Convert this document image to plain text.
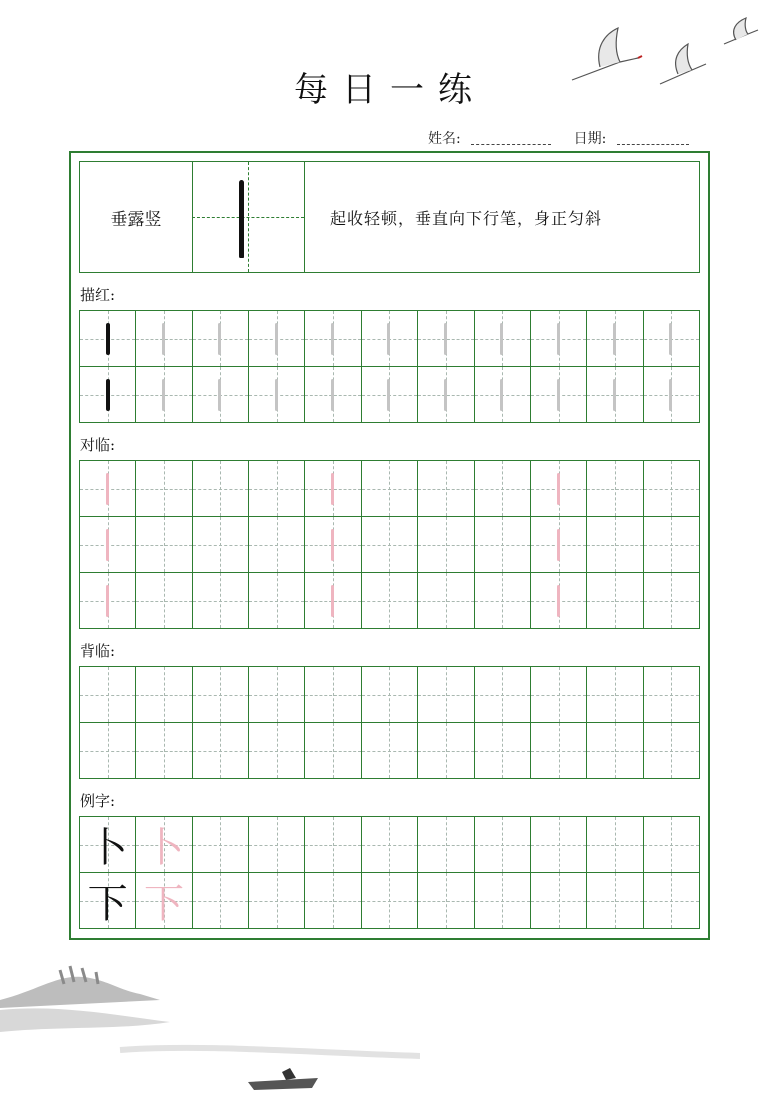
每日一练
姓名:	日期:
垂露竖	起收轻顿，垂直向下行笔，身正匀斜
描红:
对临:
背临:
例字:
卜 卜
下 下
